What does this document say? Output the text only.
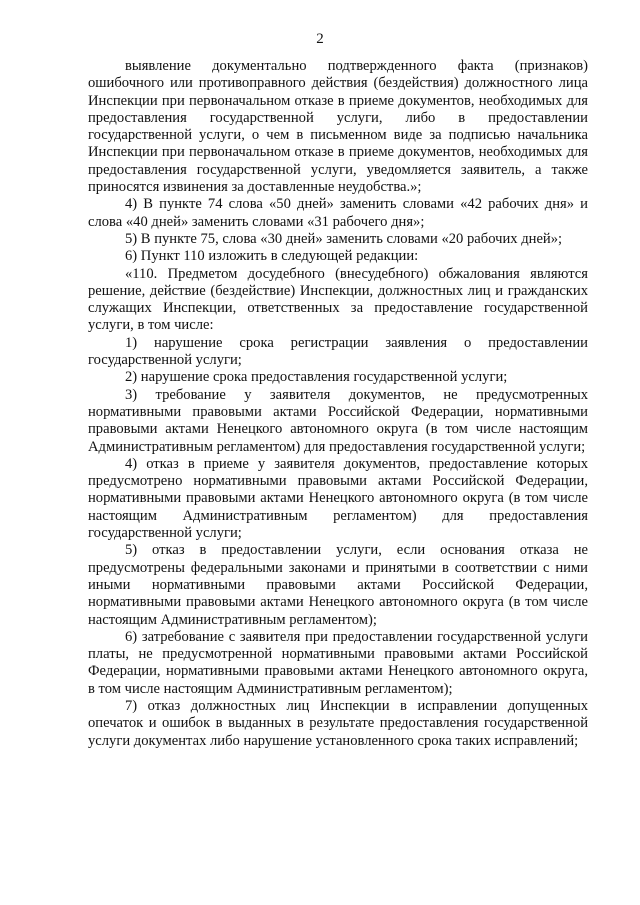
2

выявление документально подтвержденного факта (признаков) ошибочного или противоправного действия (бездействия) должностного лица Инспекции при первоначальном отказе в приеме документов, необходимых для предоставления государственной услуги, либо в предоставлении государственной услуги, о чем в письменном виде за подписью начальника Инспекции при первоначальном отказе в приеме документов, необходимых для предоставления государственной услуги, уведомляется заявитель, а также приносятся извинения за доставленные неудобства.»;

4) В пункте 74 слова «50 дней» заменить словами «42 рабочих дня» и слова «40 дней» заменить словами «31 рабочего дня»;

5) В пункте 75, слова «30 дней» заменить словами «20 рабочих дней»;

6) Пункт 110 изложить в следующей редакции:

«110. Предметом досудебного (внесудебного) обжалования являются решение, действие (бездействие) Инспекции, должностных лиц и гражданских служащих Инспекции, ответственных за предоставление государственной услуги, в том числе:

1) нарушение срока регистрации заявления о предоставлении государственной услуги;

2) нарушение срока предоставления государственной услуги;

3) требование у заявителя документов, не предусмотренных нормативными правовыми актами Российской Федерации, нормативными правовыми актами Ненецкого автономного округа (в том числе настоящим Административным регламентом) для предоставления государственной услуги;

4) отказ в приеме у заявителя документов, предоставление которых предусмотрено нормативными правовыми актами Российской Федерации, нормативными правовыми актами Ненецкого автономного округа (в том числе настоящим Административным регламентом) для предоставления государственной услуги;

5) отказ в предоставлении услуги, если основания отказа не предусмотрены федеральными законами и принятыми в соответствии с ними иными нормативными правовыми актами Российской Федерации, нормативными правовыми актами Ненецкого автономного округа (в том числе настоящим Административным регламентом);

6) затребование с заявителя при предоставлении государственной услуги платы, не предусмотренной нормативными правовыми актами Российской Федерации, нормативными правовыми актами Ненецкого автономного округа, в том числе настоящим Административным регламентом);

7) отказ должностных лиц Инспекции в исправлении допущенных опечаток и ошибок в выданных в результате предоставления государственной услуги документах либо нарушение установленного срока таких исправлений;
